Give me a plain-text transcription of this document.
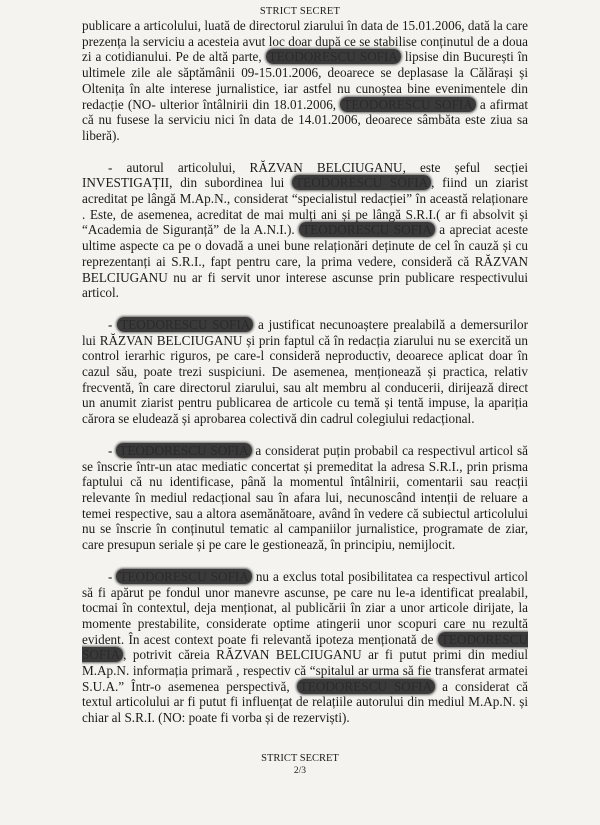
STRICT SECRET

publicare a articolului, luată de directorul ziarului în data de 15.01.2006, dată la care prezența la serviciu a acesteia avut loc doar după ce se stabilise conținutul de a doua zi a cotidianului. Pe de altă parte, TEODORESCU SOFIA lipsise din București în ultimele zile ale săptămânii 09-15.01.2006, deoarece se deplasase la Călărași și Oltenița în alte interese jurnalistice, iar astfel nu cunoștea bine evenimentele din redacție (NO- ulterior întâlnirii din 18.01.2006, TEODORESCU SOFIA a afirmat că nu fusese la serviciu nici în data de 14.01.2006, deoarece sâmbăta este ziua sa liberă).

- autorul articolului, RĂZVAN BELCIUGANU, este șeful secției INVESTIGAȚII, din subordinea lui TEODORESCU SOFIA , fiind un ziarist acreditat pe lângă M.Ap.N., considerat “specialistul redacției” în această relaționare . Este, de asemenea, acreditat de mai mulți ani și pe lângă S.R.I.( ar fi absolvit și “Academia de Siguranță” de la A.N.I.). TEODORESCU SOFIA a apreciat aceste ultime aspecte ca pe o dovadă a unei bune relaționări deținute de cel în cauză și cu reprezentanți ai S.R.I., fapt pentru care, la prima vedere, consideră că RĂZVAN BELCIUGANU nu ar fi servit unor interese ascunse prin publicare respectivului articol.

- TEODORESCU SOFIA a justificat necunoaștere prealabilă a demersurilor lui RĂZVAN BELCIUGANU și prin faptul că în redacția ziarului nu se exercită un control ierarhic riguros, pe care-l consideră neproductiv, deoarece aplicat doar în cazul său, poate trezi suspiciuni. De asemenea, menționează și practica, relativ frecventă, în care directorul ziarului, sau alt membru al conducerii, dirijează direct un anumit ziarist pentru publicarea de articole cu temă și tentă impuse, la apariția cărora se eludează și aprobarea colectivă din cadrul colegiului redacțional.

- TEODORESCU SOFIA a considerat puțin probabil ca respectivul articol să se înscrie într-un atac mediatic concertat și premeditat la adresa S.R.I., prin prisma faptului că nu identificase, până la momentul întâlnirii, comentarii sau reacții relevante în mediul redacțional sau în afara lui, necunoscând intenții de reluare a temei respective, sau a altora asemănătoare, având în vedere că subiectul articolului nu se înscrie în conținutul tematic al campaniilor jurnalistice, programate de ziar, care presupun seriale și pe care le gestionează, în principiu, nemijlocit.

- TEODORESCU SOFIA nu a exclus total posibilitatea ca respectivul articol să fi apărut pe fondul unor manevre ascunse, pe care nu le-a identificat prealabil, tocmai în contextul, deja menționat, al publicării în ziar a unor articole dirijate, la momente prestabilite, considerate optime atingerii unor scopuri care nu rezultă evident. În acest context poate fi relevantă ipoteza menționată de TEODORESCU SOFIA , potrivit căreia RĂZVAN BELCIUGANU ar fi putut primi din mediul M.Ap.N. informația primară , respectiv că “spitalul ar urma să fie transferat armatei S.U.A.” Într-o asemenea perspectivă, TEODORESCU SOFIA a considerat că textul articolului ar fi putut fi influențat de relațiile autorului din mediul M.Ap.N. și chiar al S.R.I. (NO: poate fi vorba și de rezerviști).

STRICT SECRET
2/3
